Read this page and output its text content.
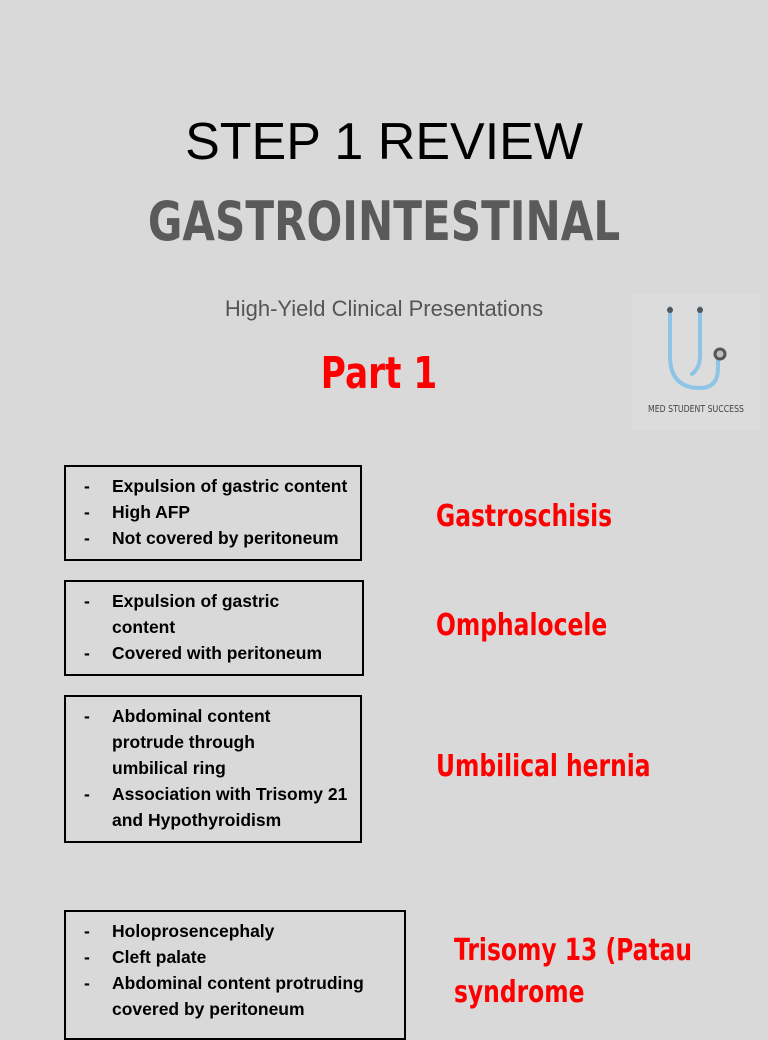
STEP 1 REVIEW
GASTROINTESTINAL
High-Yield Clinical Presentations
Part 1
MED STUDENT SUCCESS
- Expulsion of gastric content
- High AFP
- Not covered by peritoneum
Gastroschisis
- Expulsion of gastric content
- Covered with peritoneum
Omphalocele
- Abdominal content protrude through umbilical ring
- Association with Trisomy 21 and Hypothyroidism
Umbilical hernia
- Holoprosencephaly
- Cleft palate
- Abdominal content protruding covered by peritoneum
Trisomy 13 (Patau
syndrome
